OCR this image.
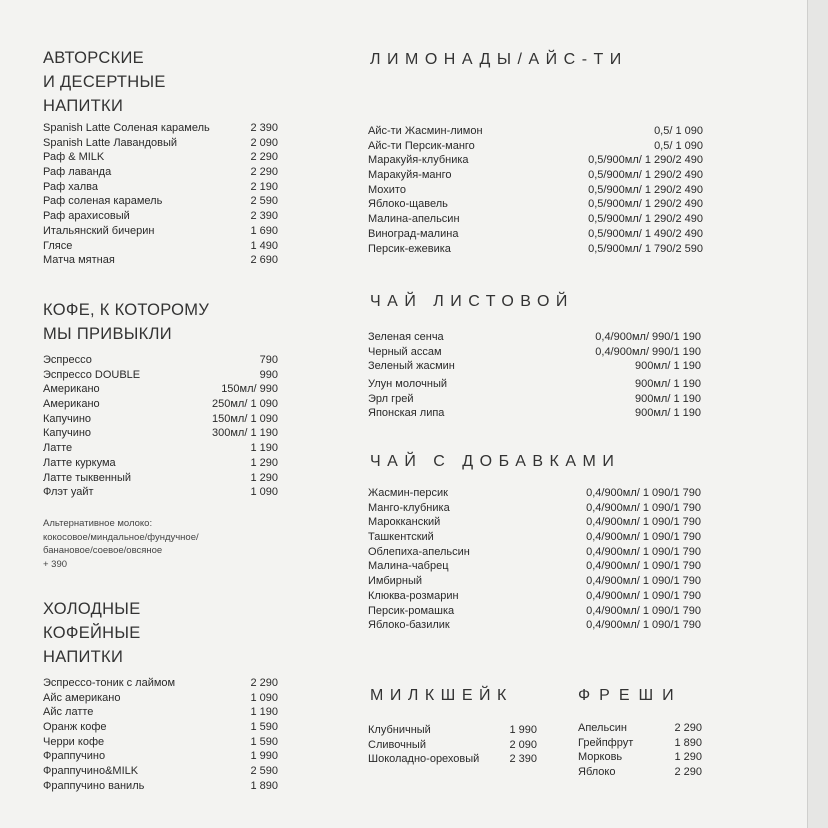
АВТОРСКИЕ
И ДЕСЕРТНЫЕ
НАПИТКИ
Spanish Latte Соленая карамель	2 390
Spanish Latte Лавандовый	2 090
Раф & MILK	2 290
Раф лаванда	2 290
Раф халва	2 190
Раф соленая карамель	2 590
Раф арахисовый	2 390
Итальянский бичерин	1 690
Глясе	1 490
Матча мятная	2 690
КОФЕ, К КОТОРОМУ
МЫ ПРИВЫКЛИ
Эспрессо	790
Эспрессо DOUBLE	990
Американо	150мл/ 990
Американо	250мл/ 1 090
Капучино	150мл/ 1 090
Капучино	300мл/ 1 190
Латте	1 190
Латте куркума	1 290
Латте тыквенный	1 290
Флэт уайт	1 090
Альтернативное молоко:
кокосовое/миндальное/фундучное/
банановое/соевое/овсяное
+ 390
ХОЛОДНЫЕ
КОФЕЙНЫЕ
НАПИТКИ
Эспрессо-тоник с лаймом	2 290
Айс американо	1 090
Айс латте	1 190
Оранж кофе	1 590
Черри кофе	1 590
Фраппучино	1 990
Фраппучино&MILK	2 590
Фраппучино ваниль	1 890
ЛИМОНАДЫ/АЙС-ТИ
Айс-ти Жасмин-лимон	0,5/ 1 090
Айс-ти Персик-манго	0,5/ 1 090
Маракуйя-клубника	0,5/900мл/ 1 290/2 490
Маракуйя-манго	0,5/900мл/ 1 290/2 490
Мохито	0,5/900мл/ 1 290/2 490
Яблоко-щавель	0,5/900мл/ 1 290/2 490
Малина-апельсин	0,5/900мл/ 1 290/2 490
Виноград-малина	0,5/900мл/ 1 490/2 490
Персик-ежевика	0,5/900мл/ 1 790/2 590
ЧАЙ ЛИСТОВОЙ
Зеленая сенча	0,4/900мл/ 990/1 190
Черный ассам	0,4/900мл/ 990/1 190
Зеленый жасмин	900мл/ 1 190
Улун молочный	900мл/ 1 190
Эрл грей	900мл/ 1 190
Японская липа	900мл/ 1 190
ЧАЙ С ДОБАВКАМИ
Жасмин-персик	0,4/900мл/ 1 090/1 790
Манго-клубника	0,4/900мл/ 1 090/1 790
Марокканский	0,4/900мл/ 1 090/1 790
Ташкентский	0,4/900мл/ 1 090/1 790
Облепиха-апельсин	0,4/900мл/ 1 090/1 790
Малина-чабрец	0,4/900мл/ 1 090/1 790
Имбирный	0,4/900мл/ 1 090/1 790
Клюква-розмарин	0,4/900мл/ 1 090/1 790
Персик-ромашка	0,4/900мл/ 1 090/1 790
Яблоко-базилик	0,4/900мл/ 1 090/1 790
МИЛКШЕЙК
Клубничный	1 990
Сливочный	2 090
Шоколадно-ореховый	2 390
ФРЕШИ
Апельсин	2 290
Грейпфрут	1 890
Морковь	1 290
Яблоко	2 290
